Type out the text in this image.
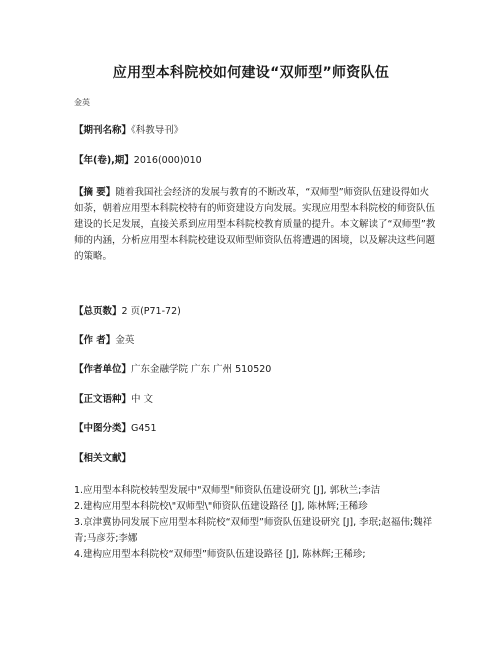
应用型本科院校如何建设“双师型”师资队伍
金英
【期刊名称】《科教导刊》
【年(卷),期】2016(000)010
【摘 要】随着我国社会经济的发展与教育的不断改革，“双师型”师资队伍建设得如火如荼，朝着应用型本科院校特有的师资建设方向发展。实现应用型本科院校的师资队伍建设的长足发展，直接关系到应用型本科院校教育质量的提升。本文解读了“双师型”教师的内涵，分析应用型本科院校建设双师型师资队伍将遭遇的困境，以及解决这些问题的策略。
【总页数】2 页(P71-72)
【作 者】金英
【作者单位】广东金融学院 广东 广州 510520
【正文语种】中 文
【中图分类】G451
【相关文献】
1.应用型本科院校转型发展中"双师型"师资队伍建设研究 [J], 郭秋兰;李洁
2.建构应用型本科院校\"双师型\"师资队伍建设路径 [J], 陈林辉;王稀珍
3.京津冀协同发展下应用型本科院校“双师型”师资队伍建设研究 [J], 李珉;赵福伟;魏祥青;马彦芬;李娜
4.建构应用型本科院校“双师型”师资队伍建设路径 [J], 陈林辉;王稀珍;
